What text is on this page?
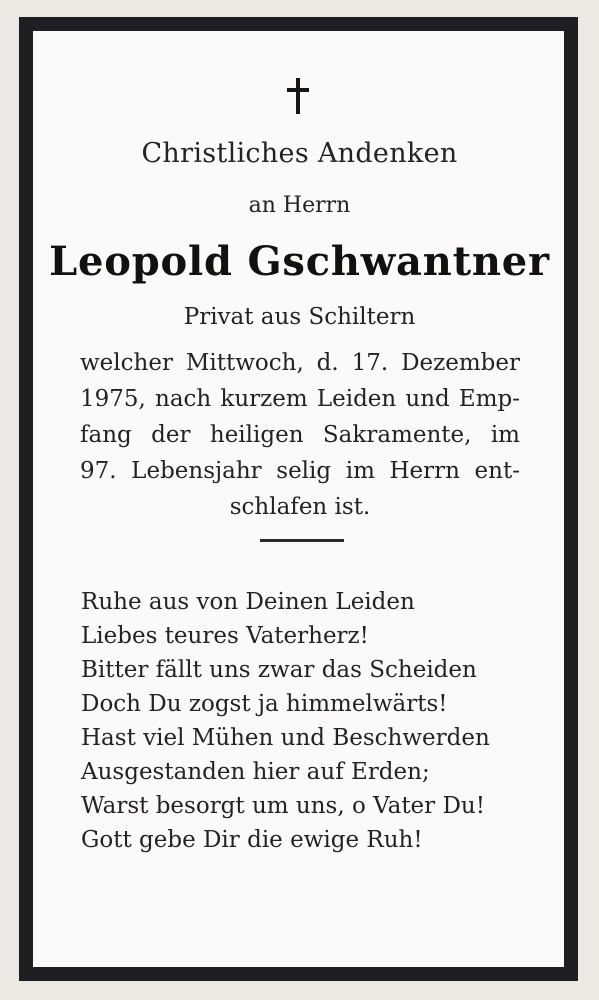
Christliches Andenken
an Herrn
Leopold Gschwantner
Privat aus Schiltern
welcher Mittwoch, d. 17. Dezember
1975, nach kurzem Leiden und Emp-
fang der heiligen Sakramente, im
97. Lebensjahr selig im Herrn ent-
schlafen ist.
Ruhe aus von Deinen Leiden
Liebes teures Vaterherz!
Bitter fällt uns zwar das Scheiden
Doch Du zogst ja himmelwärts!
Hast viel Mühen und Beschwerden
Ausgestanden hier auf Erden;
Warst besorgt um uns, o Vater Du!
Gott gebe Dir die ewige Ruh!
